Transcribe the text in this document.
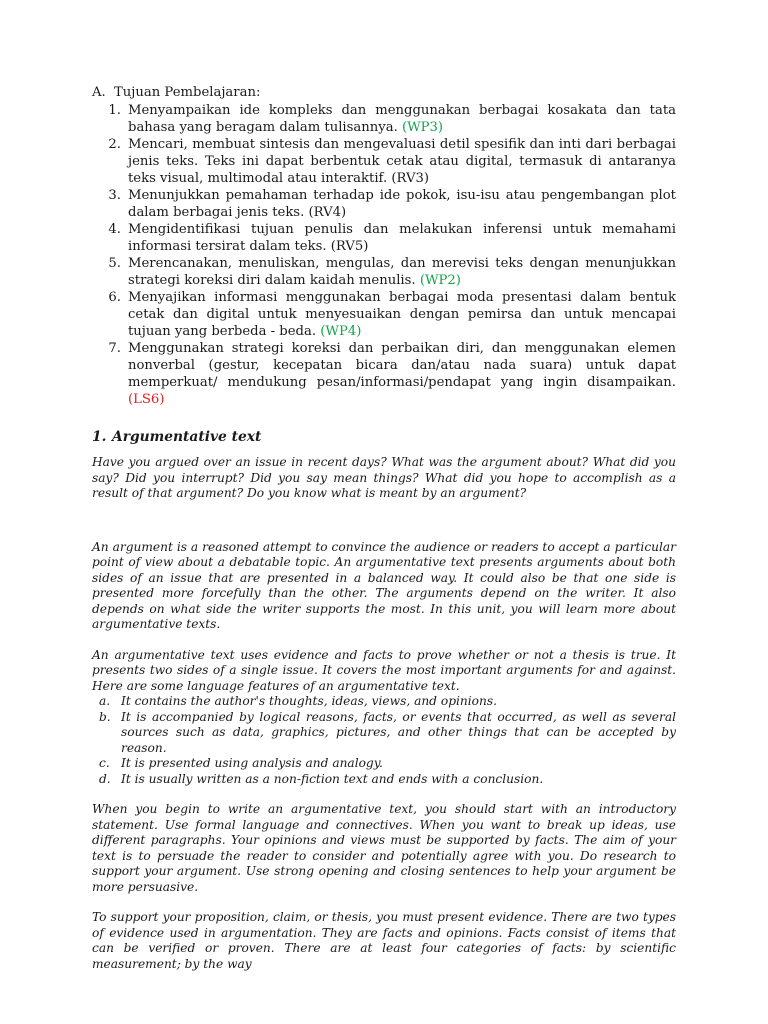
A. Tujuan Pembelajaran:
1. Menyampaikan ide kompleks dan menggunakan berbagai kosakata dan tata bahasa yang beragam dalam tulisannya. (WP3)
2. Mencari, membuat sintesis dan mengevaluasi detil spesifik dan inti dari berbagai jenis teks. Teks ini dapat berbentuk cetak atau digital, termasuk di antaranya teks visual, multimodal atau interaktif. (RV3)
3. Menunjukkan pemahaman terhadap ide pokok, isu-isu atau pengembangan plot dalam berbagai jenis teks. (RV4)
4. Mengidentifikasi tujuan penulis dan melakukan inferensi untuk memahami informasi tersirat dalam teks. (RV5)
5. Merencanakan, menuliskan, mengulas, dan merevisi teks dengan menunjukkan strategi koreksi diri dalam kaidah menulis. (WP2)
6. Menyajikan informasi menggunakan berbagai moda presentasi dalam bentuk cetak dan digital untuk menyesuaikan dengan pemirsa dan untuk mencapai tujuan yang berbeda - beda. (WP4)
7. Menggunakan strategi koreksi dan perbaikan diri, dan menggunakan elemen nonverbal (gestur, kecepatan bicara dan/atau nada suara) untuk dapat memperkuat/ mendukung pesan/informasi/pendapat yang ingin disampaikan. (LS6)
1. Argumentative text

Have you argued over an issue in recent days? What was the argument about? What did you say? Did you interrupt? Did you say mean things? What did you hope to accomplish as a result of that argument? Do you know what is meant by an argument?

An argument is a reasoned attempt to convince the audience or readers to accept a particular point of view about a debatable topic. An argumentative text presents arguments about both sides of an issue that are presented in a balanced way. It could also be that one side is presented more forcefully than the other. The arguments depend on the writer. It also depends on what side the writer supports the most. In this unit, you will learn more about argumentative texts.

An argumentative text uses evidence and facts to prove whether or not a thesis is true. It presents two sides of a single issue. It covers the most important arguments for and against. Here are some language features of an argumentative text.

a. It contains the author's thoughts, ideas, views, and opinions.
b. It is accompanied by logical reasons, facts, or events that occurred, as well as several sources such as data, graphics, pictures, and other things that can be accepted by reason.
c. It is presented using analysis and analogy.
d. It is usually written as a non-fiction text and ends with a conclusion.

When you begin to write an argumentative text, you should start with an introductory statement. Use formal language and connectives. When you want to break up ideas, use different paragraphs. Your opinions and views must be supported by facts. The aim of your text is to persuade the reader to consider and potentially agree with you. Do research to support your argument. Use strong opening and closing sentences to help your argument be more persuasive.

To support your proposition, claim, or thesis, you must present evidence. There are two types of evidence used in argumentation. They are facts and opinions. Facts consist of items that can be verified or proven. There are at least four categories of facts: by scientific measurement; by the way
